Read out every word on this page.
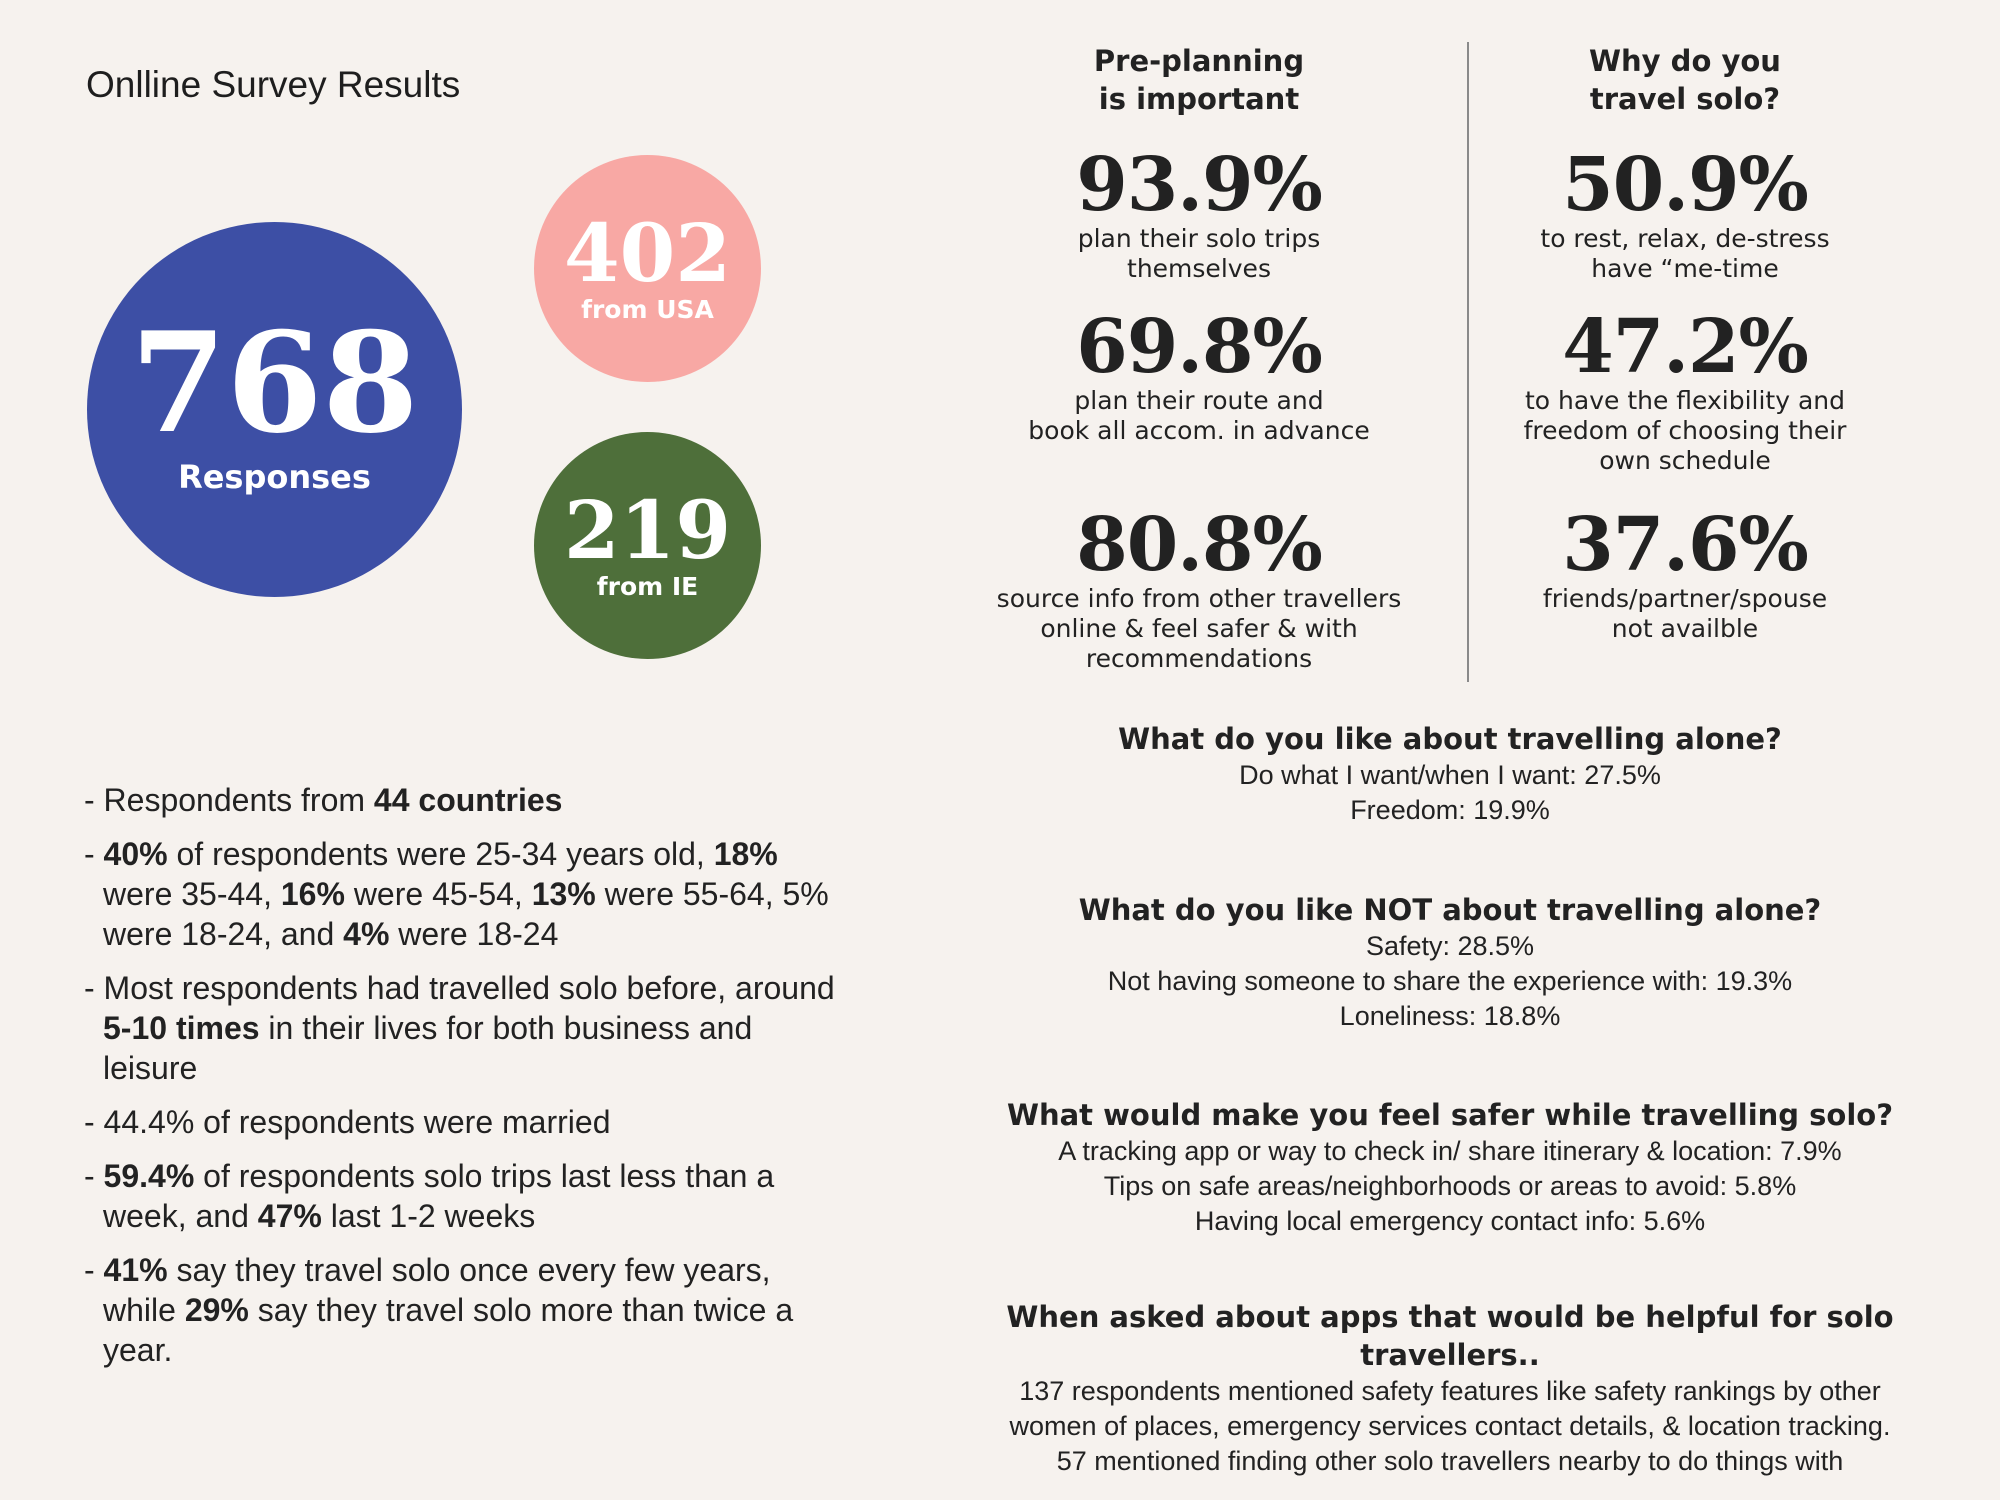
Onlline Survey Results
768
Responses
402
from USA
219
from IE
- Respondents from 44 countries
- 40% of respondents were 25-34 years old, 18% were 35-44, 16% were 45-54, 13% were 55-64, 5% were 18-24, and 4% were 18-24
- Most respondents had travelled solo before, around 5-10 times in their lives for both business and leisure
- 44.4% of respondents were married
- 59.4% of respondents solo trips last less than a week, and 47% last 1-2 weeks
- 41% say they travel solo once every few years, while 29% say they travel solo more than twice a year.
Pre-planning
is important
93.9%
plan their solo trips
themselves
69.8%
plan their route and
book all accom. in advance
80.8%
source info from other travellers
online & feel safer & with
recommendations
Why do you
travel solo?
50.9%
to rest, relax, de-stress
have “me-time
47.2%
to have the flexibility and
freedom of choosing their
own schedule
37.6%
friends/partner/spouse
not availble
What do you like about travelling alone?
Do what I want/when I want: 27.5%
Freedom: 19.9%
What do you like NOT about travelling alone?
Safety: 28.5%
Not having someone to share the experience with: 19.3%
Loneliness: 18.8%
What would make you feel safer while travelling solo?
A tracking app or way to check in/ share itinerary & location: 7.9%
Tips on safe areas/neighborhoods or areas to avoid: 5.8%
Having local emergency contact info: 5.6%
When asked about apps that would be helpful for solo travellers..
137 respondents mentioned safety features like safety rankings by other
women of places, emergency services contact details, & location tracking.
57 mentioned finding other solo travellers nearby to do things with
